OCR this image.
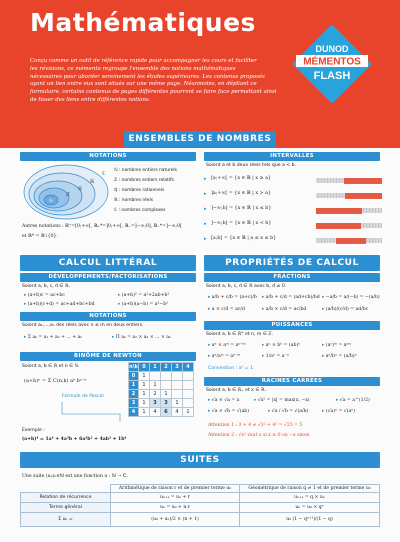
Mathématiques
Conçu comme un outil de référence rapide pour accompagner les cours et faciliter
les révisions, ce mémento regroupe l'ensemble des notions mathématiques
nécessaires pour aborder sereinement les études supérieures. Les contenus proposés
ayant un lien entre eux sont situés sur une même page. Néanmoins, en dépliant ce
formulaire, certains contenus de pages différentes pourront se faire face permettant ainsi
de tisser des liens entre différentes notions.
DUNOD
MÉMENTOS
FLASH
ENSEMBLES DE NOMBRES
NOTATIONS	INTERVALLES
ℂ
ℝ
ℚ
ℤ
ℕ
ℕ : nombres entiers naturels
ℤ : nombres entiers relatifs
ℚ : nombres rationnels
ℝ : nombres réels
ℂ : nombres complexes
Autres notations : ℝ⁺=[0;+∞[, ℝ₊*=]0;+∞[, ℝ₋=]−∞;0], ℝ₋*=]−∞;0[
et ℝ* = ℝ∖{0}.
Soient a et b deux réels tels que a < b.
▸ [a;+∞[ = {x ∈ ℝ | x ≥ a}
▸ ]a;+∞[ = {x ∈ ℝ | x > a}
▸ ]−∞;b] = {x ∈ ℝ | x ≤ b}
▸ ]−∞;b[ = {x ∈ ℝ | x < b}
▸ [a;b] = {x ∈ ℝ | a ≤ x ≤ b}
CALCUL LITTÉRAL
DÉVELOPPEMENTS/FACTORISATIONS
Soient a, b, c, d ∈ ℝ.
▸ (a+b)c = ac+bc
▸ (a+b)(c+d) = ac+ad+bc+bd
▸ (a+b)² = a²+2ab+b²
▸ (a+b)(a−b) = a²−b²
NOTATIONS
Soient a₁,...,aₙ des réels avec n ≤ m en deux entiers.
▸ Σ aₖ = a₁ + a₂ + ... + aₙ	▸ Π aₖ = a₁ × a₂ × ... × aₙ
BINÔME DE NEWTON
Soient a, b ∈ ℝ et n ∈ ℕ.
(a+b)ⁿ = Σ C(n,k) aᵏ bⁿ⁻ᵏ
Formule de Pascal
Exemple :
(a+b)⁴ = 1a⁴ + 4a³b + 6a²b² + 4ab³ + 1b⁴
n\k	0	1	2	3	4
0	1				
1	1	1			
2	1	2	1		
3	1	3	3	1	
4	1	4	6	4	1
PROPRIÉTÉS DE CALCUL
FRACTIONS
Soient a, b, c, d ∈ ℝ avec b, d ≠ 0.
▸ a/b + c/b = (a+c)/b ▸ a/b + c/d = (ad+cb)/bd ▸ −a/b = a/(−b) = −(a/b)
▸ a × c/d = ac/d	▸ a/b × c/d = ac/bd	▸ (a/b)/(c/d) = ad/bc
PUISSANCES
Soient a, b ∈ ℝ* et n, m ∈ ℤ.
▸ aⁿ × aᵐ = aⁿ⁺ᵐ	▸ aⁿ × bⁿ = (ab)ⁿ	▸ (aⁿ)ᵐ = aⁿᵐ
▸ aⁿ/aᵐ = aⁿ⁻ᵐ	▸ 1/aⁿ = a⁻ⁿ	▸ aⁿ/bⁿ = (a/b)ⁿ
Convention : a⁰ = 1
RACINES CARRÉES
Soient a, b ∈ ℝ₊ et x ∈ ℝ.
▸ √a × √a = a	▸ √x² = |x| = max(x, −x)	▸ √a = a^(1/2)
▸ √a × √b = √(ab)	▸ √a / √b = √(a/b)	▸ (√a)ⁿ = √(aⁿ)
Attention 1 : 3 + 4 ≠ √3² + 4² = √25 = 5
Attention 2 : √x² vaut x si x ≥ 0 ou −x sinon
SUITES
Une suite (uₙ)ₙ∈ℕ est une fonction u : ℕ → ℂ.
	Arithmétique de raison r et de premier terme u₀	Géométrique de raison q ≠ 1 et de premier terme u₀
Relation de récurrence	uₙ₊₁ = uₙ + r	uₙ₊₁ = q × uₙ
Terme général	uₙ = u₀ + n·r	uₙ = u₀ × qⁿ
Σ uₖ =	(u₀ + uₙ)/2 × (n + 1)	u₀ (1 − qⁿ⁺¹)/(1 − q)
